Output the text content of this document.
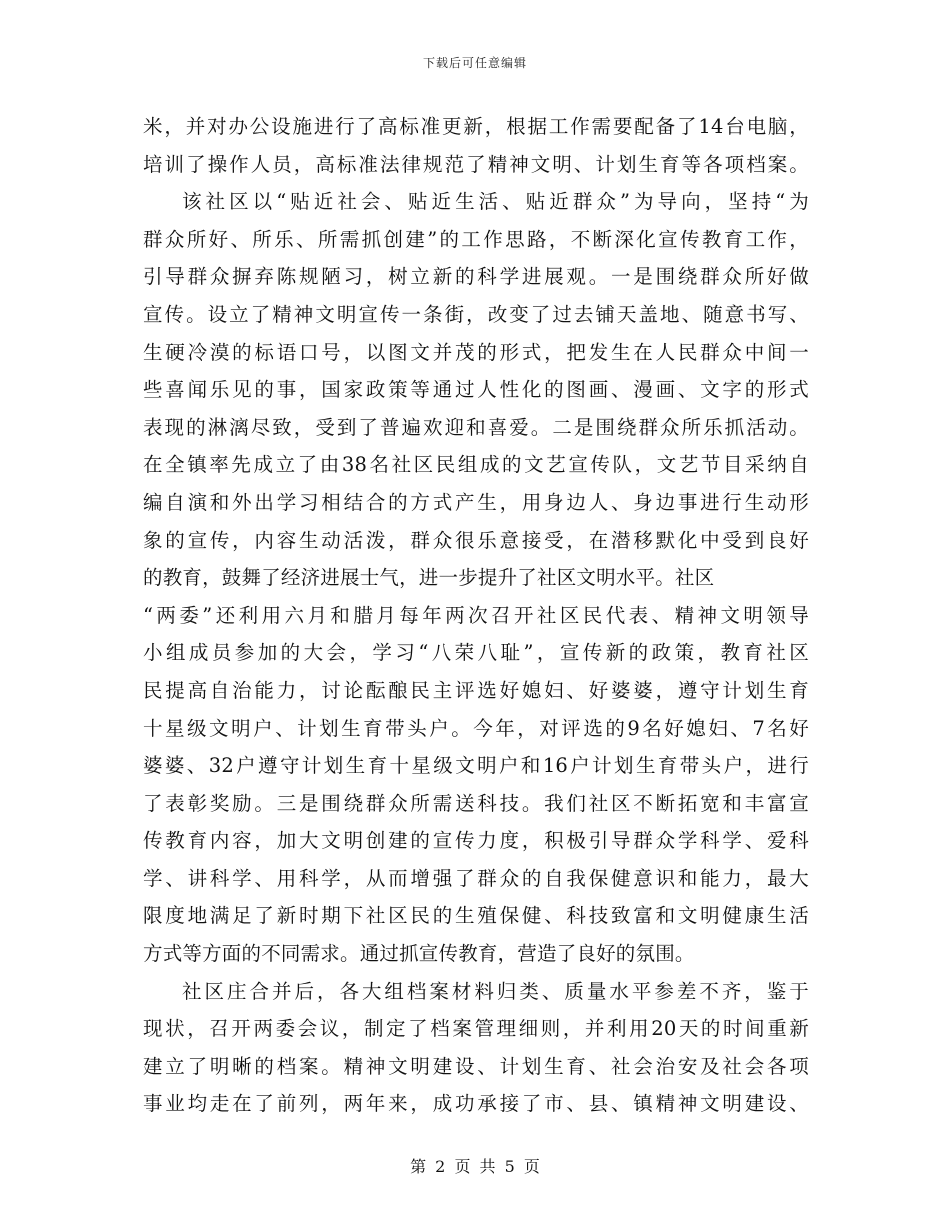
下载后可任意编辑
米，并对办公设施进行了高标准更新，根据工作需要配备了14台电脑，
培训了操作人员，高标准法律规范了精神文明、计划生育等各项档案。
该社区以“贴近社会、贴近生活、贴近群众”为导向，坚持“为
群众所好、所乐、所需抓创建”的工作思路，不断深化宣传教育工作，
引导群众摒弃陈规陋习，树立新的科学进展观。一是围绕群众所好做
宣传。设立了精神文明宣传一条街，改变了过去铺天盖地、随意书写、
生硬冷漠的标语口号，以图文并茂的形式，把发生在人民群众中间一
些喜闻乐见的事，国家政策等通过人性化的图画、漫画、文字的形式
表现的淋漓尽致，受到了普遍欢迎和喜爱。二是围绕群众所乐抓活动。
在全镇率先成立了由38名社区民组成的文艺宣传队，文艺节目采纳自
编自演和外出学习相结合的方式产生，用身边人、身边事进行生动形
象的宣传，内容生动活泼，群众很乐意接受，在潜移默化中受到良好
的教育，鼓舞了经济进展士气，进一步提升了社区文明水平。社区
“两委”还利用六月和腊月每年两次召开社区民代表、精神文明领导
小组成员参加的大会，学习“八荣八耻”，宣传新的政策，教育社区
民提高自治能力，讨论酝酿民主评选好媳妇、好婆婆，遵守计划生育
十星级文明户、计划生育带头户。今年，对评选的9名好媳妇、7名好
婆婆、32户遵守计划生育十星级文明户和16户计划生育带头户，进行
了表彰奖励。三是围绕群众所需送科技。我们社区不断拓宽和丰富宣
传教育内容，加大文明创建的宣传力度，积极引导群众学科学、爱科
学、讲科学、用科学，从而增强了群众的自我保健意识和能力，最大
限度地满足了新时期下社区民的生殖保健、科技致富和文明健康生活
方式等方面的不同需求。通过抓宣传教育，营造了良好的氛围。
社区庄合并后，各大组档案材料归类、质量水平参差不齐，鉴于
现状，召开两委会议，制定了档案管理细则，并利用20天的时间重新
建立了明晰的档案。精神文明建设、计划生育、社会治安及社会各项
事业均走在了前列，两年来，成功承接了市、县、镇精神文明建设、
第 2 页 共 5 页
